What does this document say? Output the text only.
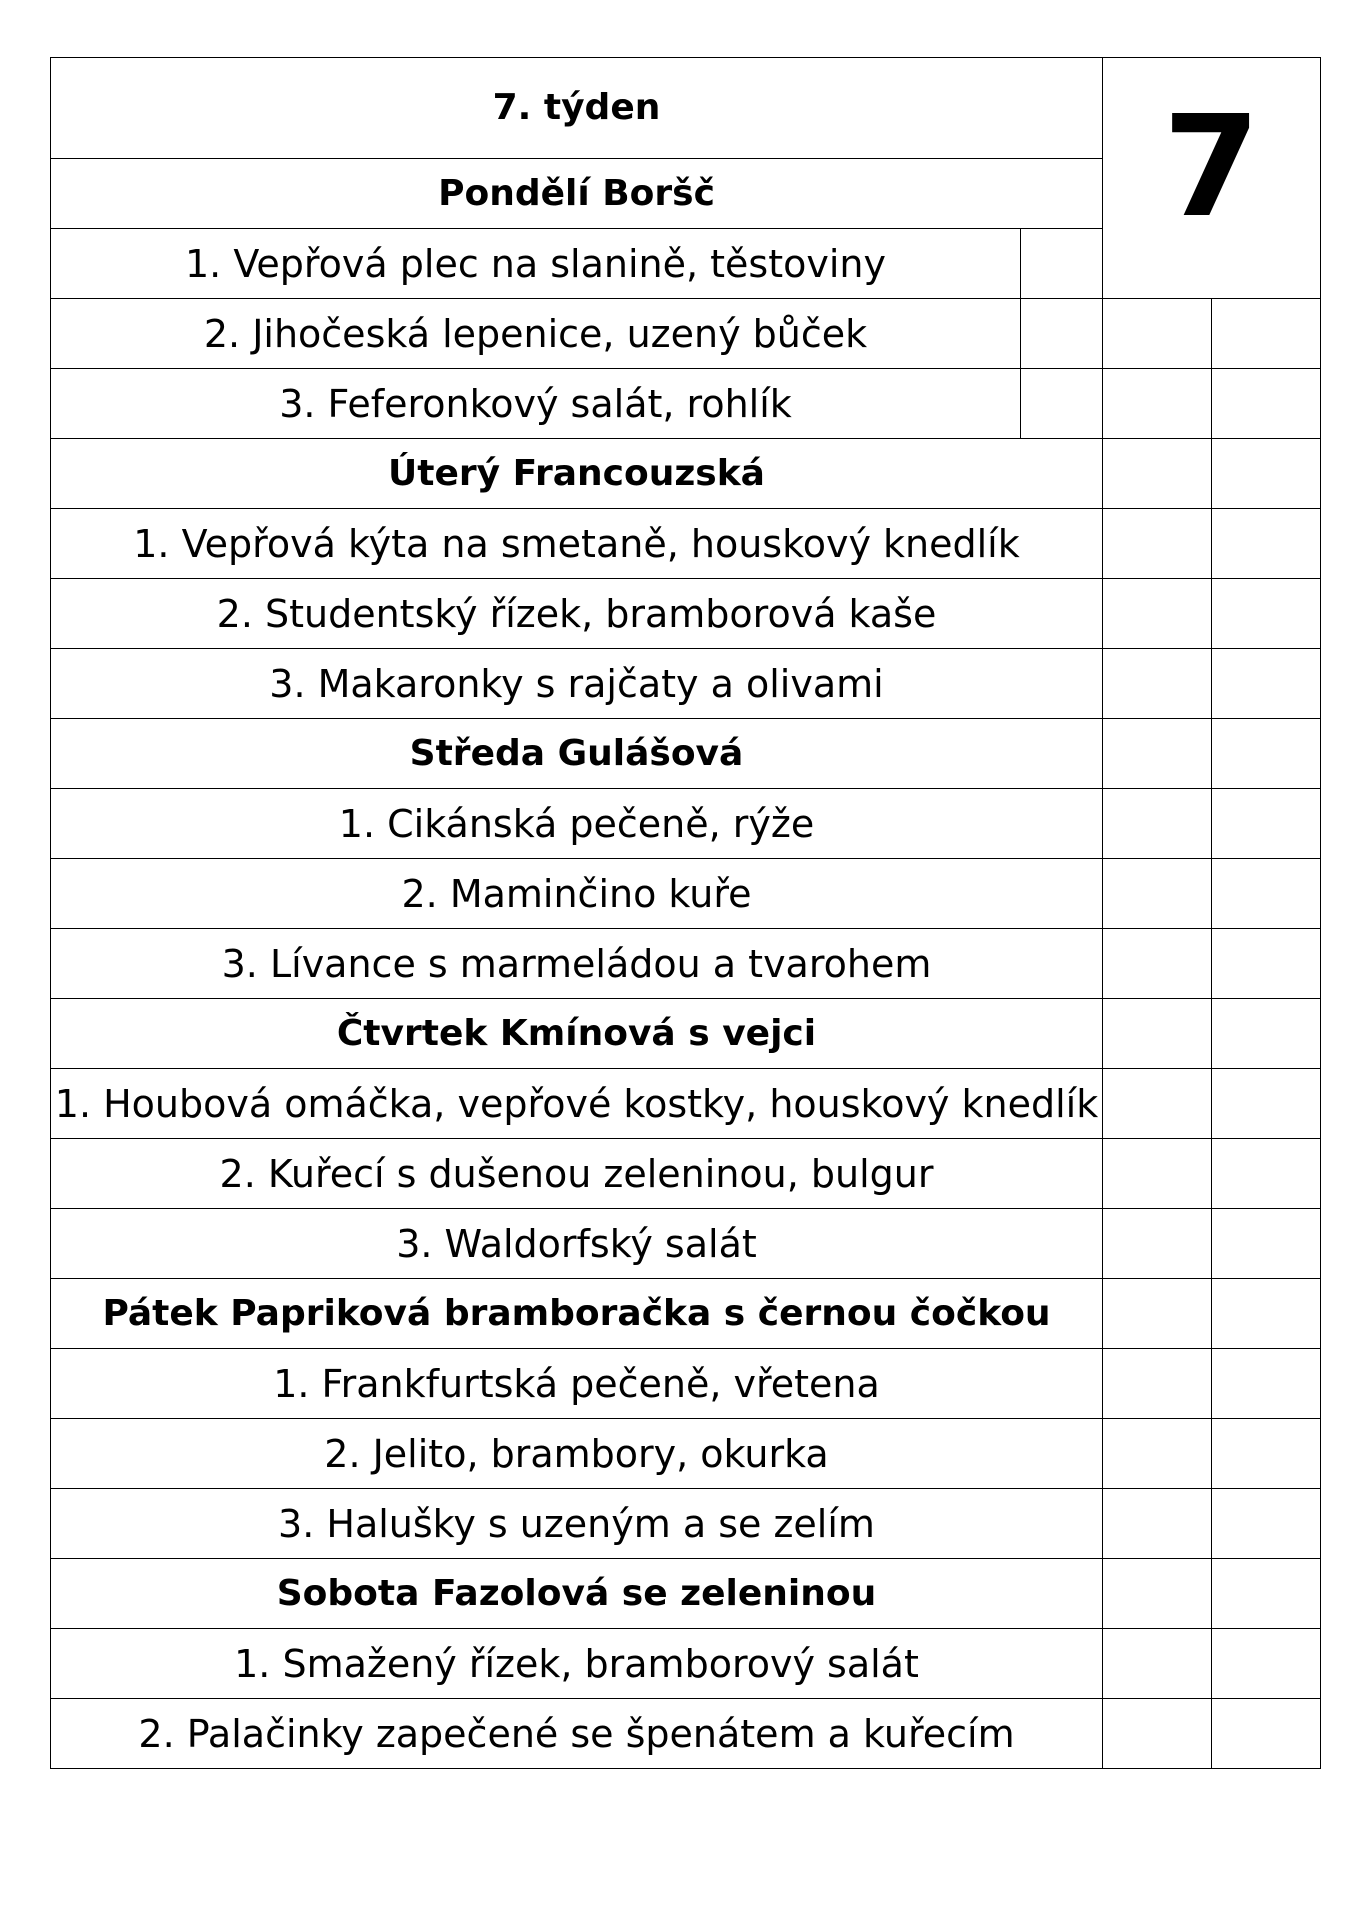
7. týden		7	
Pondělí Boršč			
1. Vepřová plec na slanině, těstoviny			
2. Jihočeská lepenice, uzený bůček			
3. Feferonkový salát, rohlík			
Úterý Francouzská			
1. Vepřová kýta na smetaně, houskový knedlík			
2. Studentský řízek, bramborová kaše			
3. Makaronky s rajčaty a olivami			
Středa Gulášová			
1. Cikánská pečeně, rýže			
2. Maminčino kuře			
3. Lívance s marmeládou a tvarohem			
Čtvrtek Kmínová s vejci			
1. Houbová omáčka, vepřové kostky, houskový knedlík			
2. Kuřecí s dušenou zeleninou, bulgur			
3. Waldorfský salát			
Pátek Papriková bramboračka s černou čočkou			
1. Frankfurtská pečeně, vřetena			
2. Jelito, brambory, okurka			
3. Halušky s uzeným a se zelím			
Sobota Fazolová se zeleninou			
1. Smažený řízek, bramborový salát			
2. Palačinky zapečené se špenátem a kuřecím			
